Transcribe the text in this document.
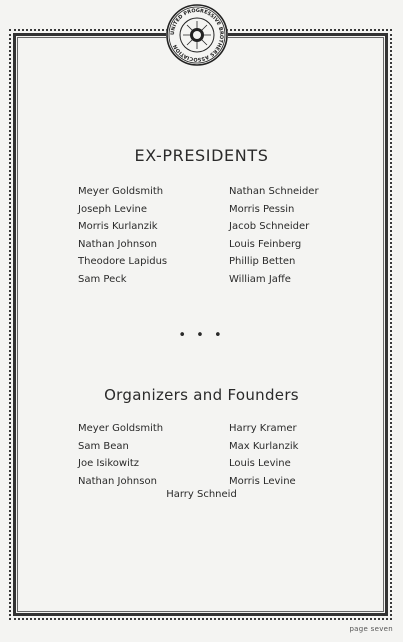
UNITED PROGRESSIVE BROTHERS ASSOCIATION
EX-PRESIDENTS
Meyer Goldsmith
Joseph Levine
Morris Kurlanzik
Nathan Johnson
Theodore Lapidus
Sam Peck
Nathan Schneider
Morris Pessin
Jacob Schneider
Louis Feinberg
Phillip Betten
William Jaffe
• • •
Organizers and Founders
Meyer Goldsmith
Sam Bean
Joe Isikowitz
Nathan Johnson
Harry Kramer
Max Kurlanzik
Louis Levine
Morris Levine
Harry Schneid
page seven
